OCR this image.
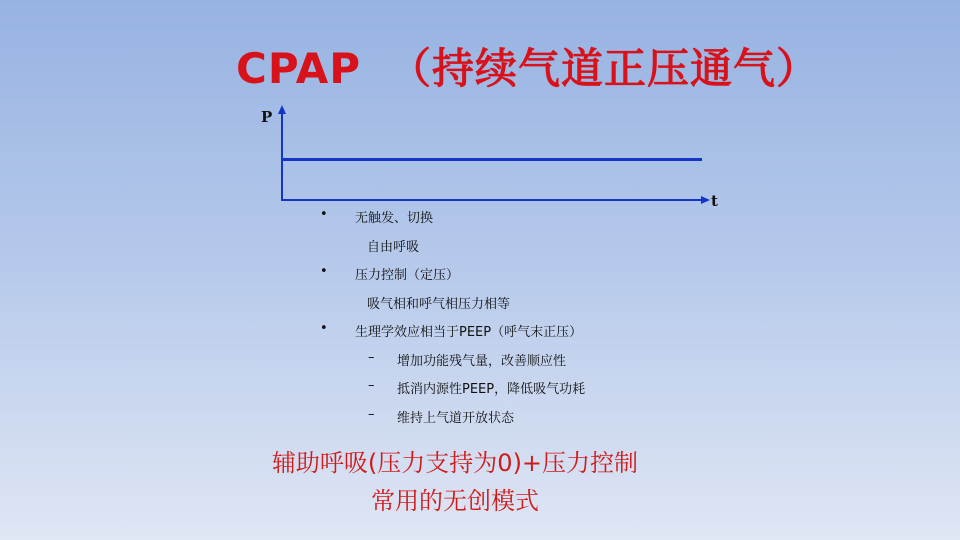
CPAP （持续气道正压通气）
P
t
• 无触发、切换
自由呼吸
• 压力控制（定压）
吸气相和呼气相压力相等
• 生理学效应相当于PEEP（呼气末正压）
– 增加功能残气量，改善顺应性
– 抵消内源性PEEP，降低吸气功耗
– 维持上气道开放状态
辅助呼吸(压力支持为0)+压力控制
常用的无创模式
